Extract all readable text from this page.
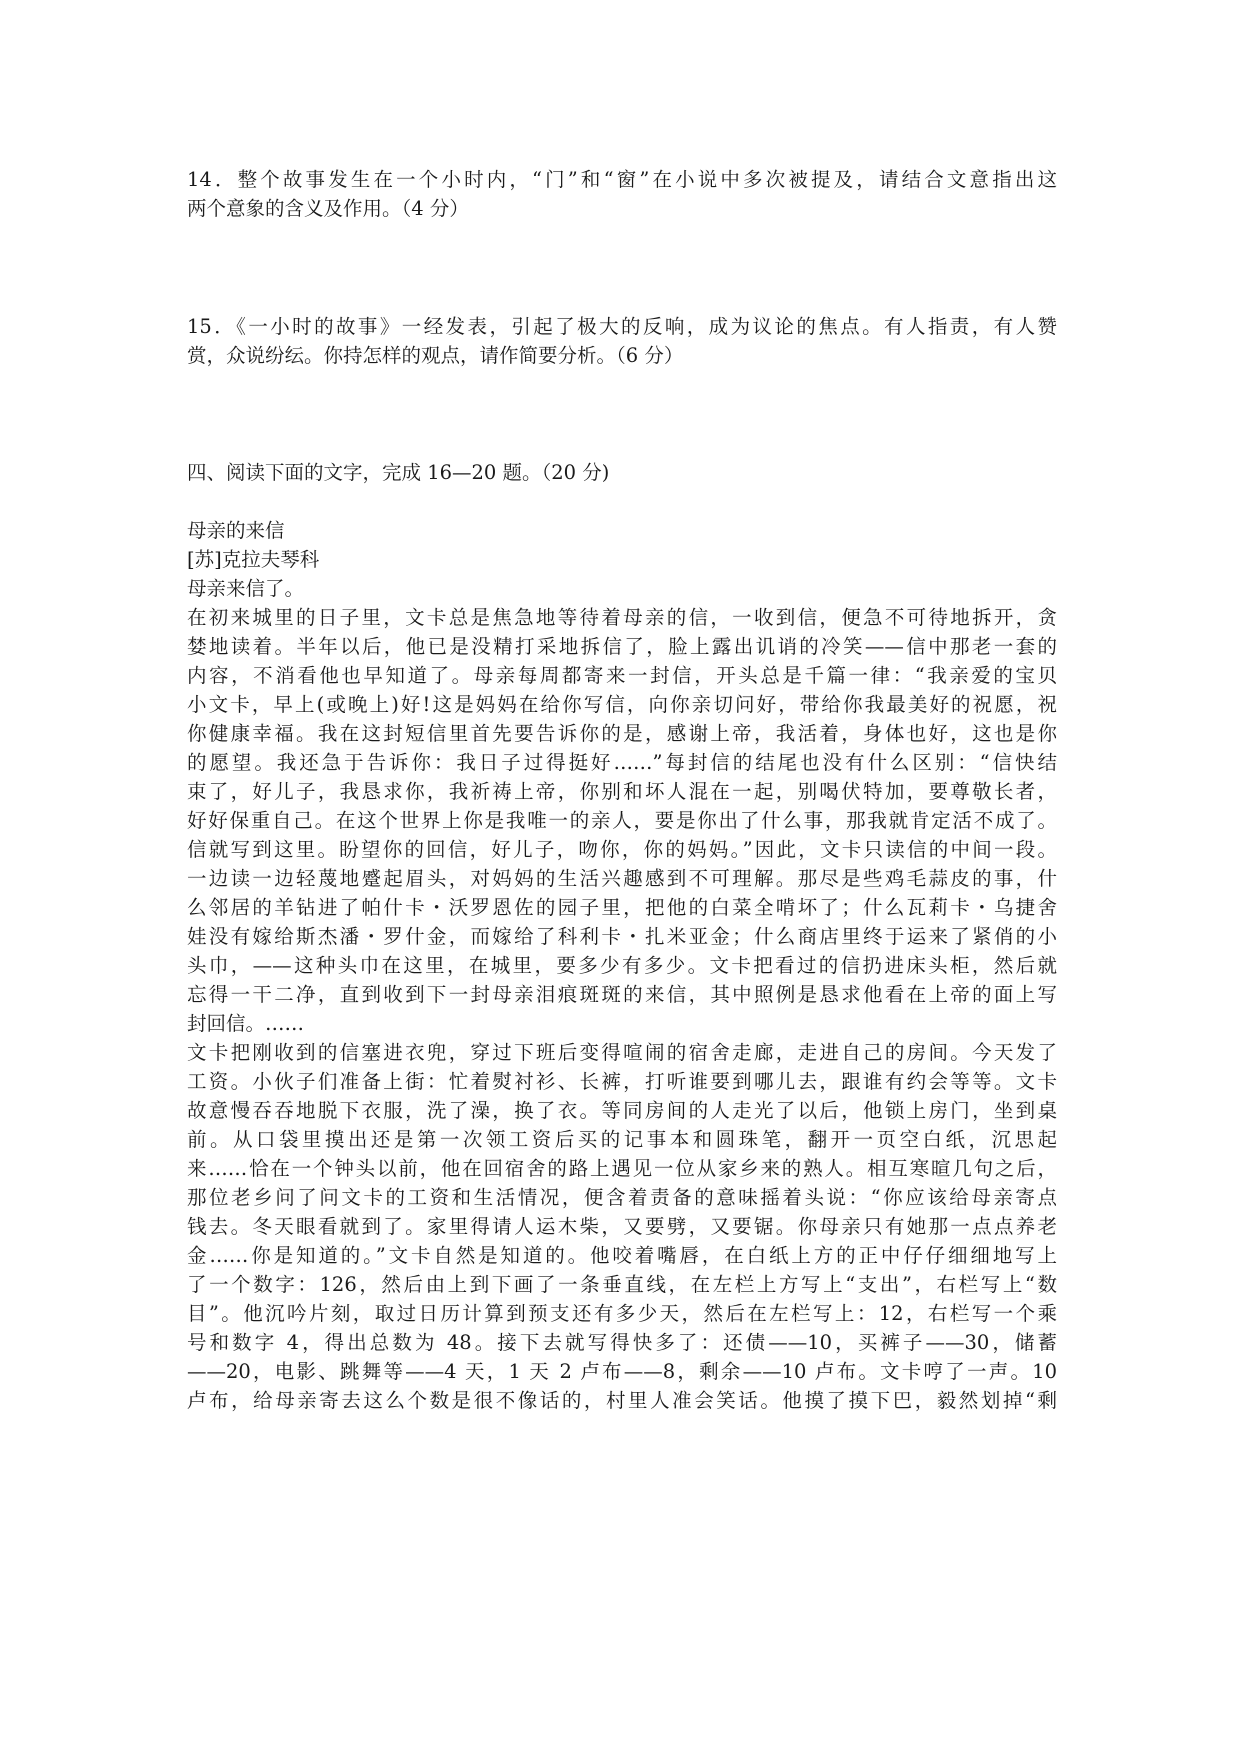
14．整个故事发生在一个小时内，“门”和“窗”在小说中多次被提及，请结合文意指出这
两个意象的含义及作用。（4 分）
15．《一小时的故事》一经发表，引起了极大的反响，成为议论的焦点。有人指责，有人赞
赏，众说纷纭。你持怎样的观点，请作简要分析。（6 分）
四、阅读下面的文字，完成 16—20 题。（20 分)
母亲的来信
[苏]克拉夫琴科
母亲来信了。
在初来城里的日子里，文卡总是焦急地等待着母亲的信，一收到信，便急不可待地拆开，贪
婪地读着。半年以后，他已是没精打采地拆信了，脸上露出讥诮的冷笑——信中那老一套的
内容，不消看他也早知道了。母亲每周都寄来一封信，开头总是千篇一律：“我亲爱的宝贝
小文卡，早上(或晚上)好!这是妈妈在给你写信，向你亲切问好，带给你我最美好的祝愿，祝
你健康幸福。我在这封短信里首先要告诉你的是，感谢上帝，我活着，身体也好，这也是你
的愿望。我还急于告诉你：我日子过得挺好……”每封信的结尾也没有什么区别：“信快结
束了，好儿子，我恳求你，我祈祷上帝，你别和坏人混在一起，别喝伏特加，要尊敬长者，
好好保重自己。在这个世界上你是我唯一的亲人，要是你出了什么事，那我就肯定活不成了。
信就写到这里。盼望你的回信，好儿子，吻你，你的妈妈。”因此，文卡只读信的中间一段。
一边读一边轻蔑地蹙起眉头，对妈妈的生活兴趣感到不可理解。那尽是些鸡毛蒜皮的事，什
么邻居的羊钻进了帕什卡・沃罗恩佐的园子里，把他的白菜全啃坏了；什么瓦莉卡・乌捷舍
娃没有嫁给斯杰潘・罗什金，而嫁给了科利卡・扎米亚金；什么商店里终于运来了紧俏的小
头巾，——这种头巾在这里，在城里，要多少有多少。文卡把看过的信扔进床头柜，然后就
忘得一干二净，直到收到下一封母亲泪痕斑斑的来信，其中照例是恳求他看在上帝的面上写
封回信。……
文卡把刚收到的信塞进衣兜，穿过下班后变得喧闹的宿舍走廊，走进自己的房间。今天发了
工资。小伙子们准备上街：忙着熨衬衫、长裤，打听谁要到哪儿去，跟谁有约会等等。文卡
故意慢吞吞地脱下衣服，洗了澡，换了衣。等同房间的人走光了以后，他锁上房门，坐到桌
前。从口袋里摸出还是第一次领工资后买的记事本和圆珠笔，翻开一页空白纸，沉思起
来……恰在一个钟头以前，他在回宿舍的路上遇见一位从家乡来的熟人。相互寒暄几句之后，
那位老乡问了问文卡的工资和生活情况，便含着责备的意味摇着头说：“你应该给母亲寄点
钱去。冬天眼看就到了。家里得请人运木柴，又要劈，又要锯。你母亲只有她那一点点养老
金……你是知道的。”文卡自然是知道的。他咬着嘴唇，在白纸上方的正中仔仔细细地写上
了一个数字：126，然后由上到下画了一条垂直线，在左栏上方写上“支出”，右栏写上“数
目”。他沉吟片刻，取过日历计算到预支还有多少天，然后在左栏写上：12，右栏写一个乘
号和数字 4，得出总数为 48。接下去就写得快多了：还债——10，买裤子——30，储蓄
——20，电影、跳舞等——4 天，1 天 2 卢布——8，剩余——10 卢布。文卡哼了一声。10
卢布，给母亲寄去这么个数是很不像话的，村里人准会笑话。他摸了摸下巴，毅然划掉“剩
